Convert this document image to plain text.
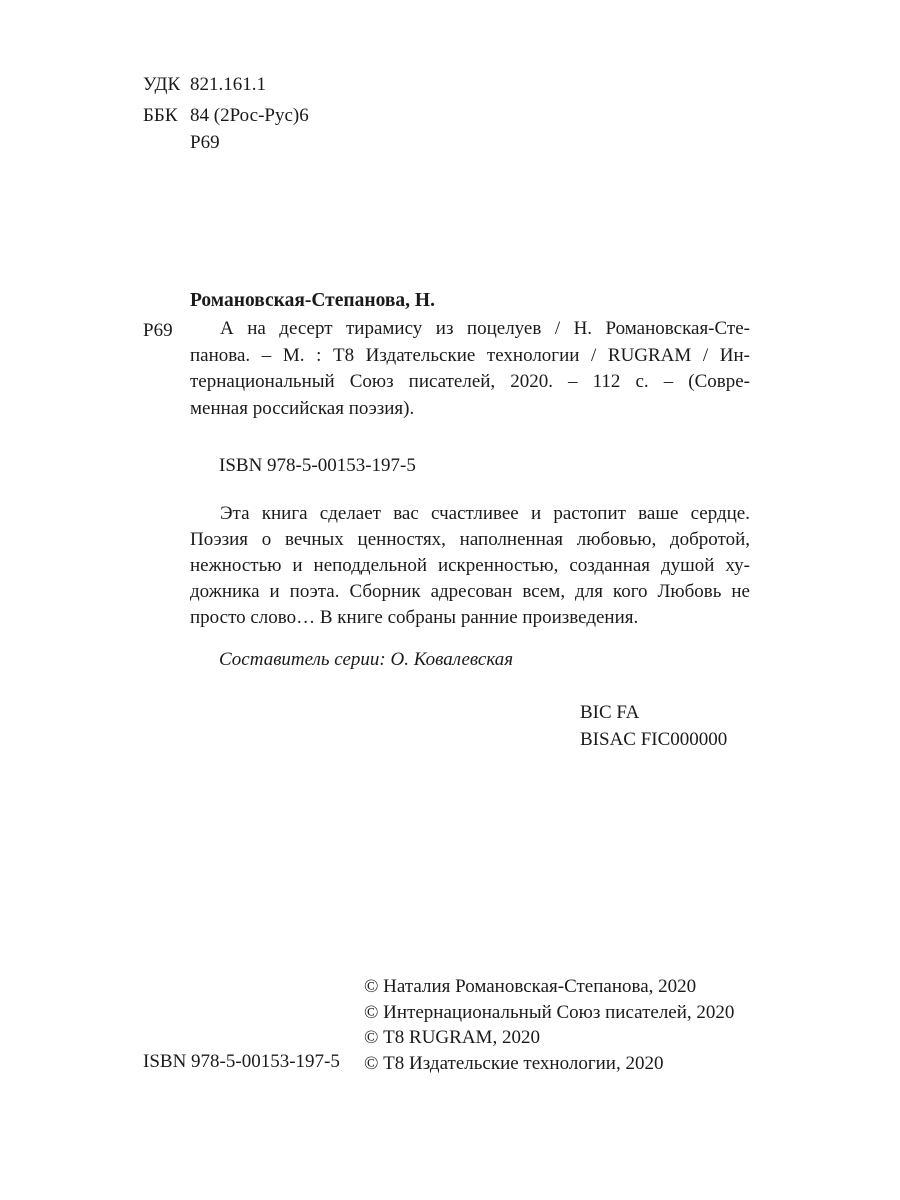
УДК 821.161.1
ББК 84 (2Рос-Рус)6
Р69
Романовская-Степанова, Н.
Р69	А на десерт тирамису из поцелуев / Н. Романовская-Сте-
панова. – М. : Т8 Издательские технологии / RUGRAM / Ин-
тернациональный Союз писателей, 2020. – 112 с. – (Совре-
менная российская поэзия).
ISBN 978-5-00153-197-5
Эта книга сделает вас счастливее и растопит ваше сердце.
Поэзия о вечных ценностях, наполненная любовью, добротой,
нежностью и неподдельной искренностью, созданная душой ху-
дожника и поэта. Сборник адресован всем, для кого Любовь не
просто слово… В книге собраны ранние произведения.
Составитель серии: О. Ковалевская
BIC FA
BISAC FIC000000
© Наталия Романовская-Степанова, 2020
© Интернациональный Союз писателей, 2020
© Т8 RUGRAM, 2020
© Т8 Издательские технологии, 2020
ISBN 978-5-00153-197-5
